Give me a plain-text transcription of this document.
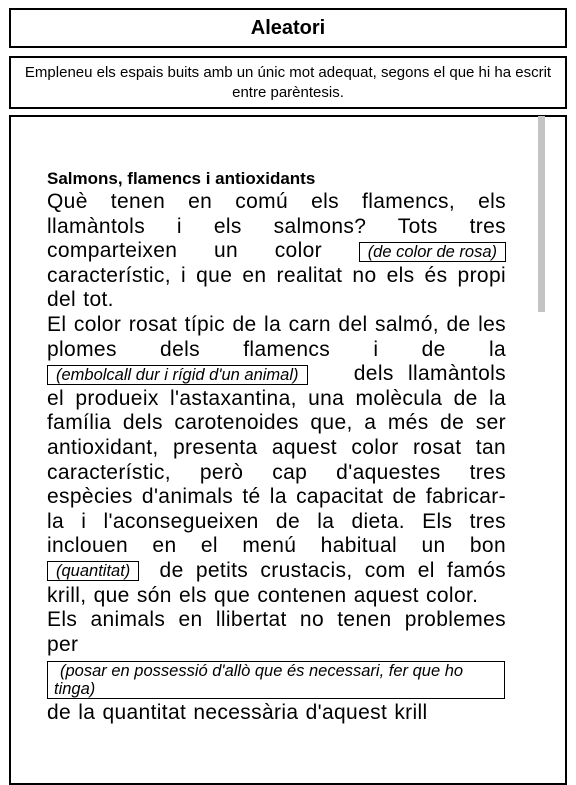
Aleatori
Empleneu els espais buits amb un únic mot adequat, segons el que hi ha escrit entre parèntesis.

Salmons, flamencs i antioxidants

Què tenen en comú els flamencs, els llamàntols i els salmons? Tots tres comparteixen un color	(de color de rosa) característic, i que en realitat no els és propi del tot.

El color rosat típic de la carn del salmó, de les plomes dels flamencs i de la (embolcall dur i rígid d'un animal)	dels llamàntols el produeix l'astaxantina, una molècula de la família dels carotenoides que, a més de ser antioxidant, presenta aquest color rosat tan característic, però cap d'aquestes tres espècies d'animals té la capacitat de fabricar-la i l'aconsegueixen de la dieta. Els tres inclouen en el menú habitual un bon (quantitat) de petits crustacis, com el famós krill, que són els que contenen aquest color.

Els animals en llibertat no tenen problemes per
(posar en possessió d'allò que és necessari, fer que ho tinga)

de la quantitat necessària d'aquest krill
